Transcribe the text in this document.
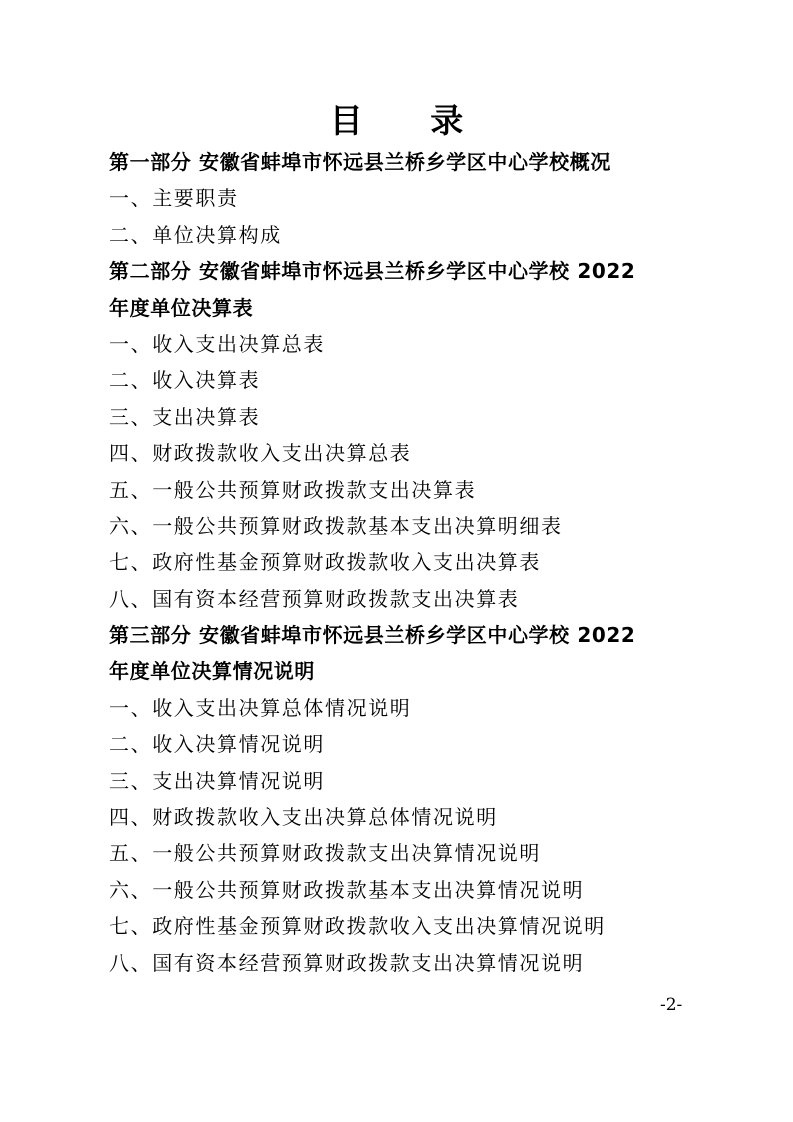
目 录
第一部分 安徽省蚌埠市怀远县兰桥乡学区中心学校概况
一、主要职责
二、单位决算构成
第二部分 安徽省蚌埠市怀远县兰桥乡学区中心学校 2022
年度单位决算表
一、收入支出决算总表
二、收入决算表
三、支出决算表
四、财政拨款收入支出决算总表
五、一般公共预算财政拨款支出决算表
六、一般公共预算财政拨款基本支出决算明细表
七、政府性基金预算财政拨款收入支出决算表
八、国有资本经营预算财政拨款支出决算表
第三部分 安徽省蚌埠市怀远县兰桥乡学区中心学校 2022
年度单位决算情况说明
一、收入支出决算总体情况说明
二、收入决算情况说明
三、支出决算情况说明
四、财政拨款收入支出决算总体情况说明
五、一般公共预算财政拨款支出决算情况说明
六、一般公共预算财政拨款基本支出决算情况说明
七、政府性基金预算财政拨款收入支出决算情况说明
八、国有资本经营预算财政拨款支出决算情况说明
-2-
